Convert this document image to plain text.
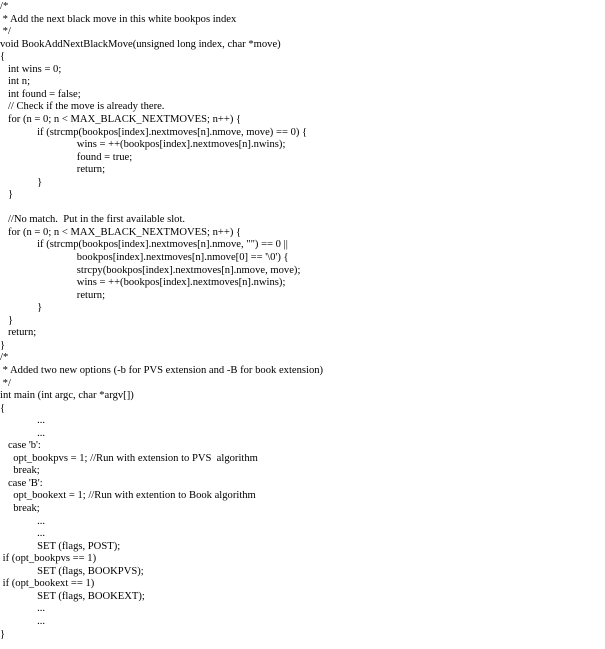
/*
* Add the next black move in this white bookpos index
*/
void BookAddNextBlackMove(unsigned long index, char *move)
{
int wins = 0;
int n;
int found = false;
// Check if the move is already there.
for (n = 0; n < MAX_BLACK_NEXTMOVES; n++) {
if (strcmp(bookpos[index].nextmoves[n].nmove, move) == 0) {
wins = ++(bookpos[index].nextmoves[n].nwins);
found = true;
return;
}
}
//No match.  Put in the first available slot.
for (n = 0; n < MAX_BLACK_NEXTMOVES; n++) {
if (strcmp(bookpos[index].nextmoves[n].nmove, "") == 0 ||
bookpos[index].nextmoves[n].nmove[0] == '\0') {
strcpy(bookpos[index].nextmoves[n].nmove, move);
wins = ++(bookpos[index].nextmoves[n].nwins);
return;
}
}
return;
}
/*
* Added two new options (-b for PVS extension and -B for book extension)
*/
int main (int argc, char *argv[])
{
...
...
case 'b':
opt_bookpvs = 1; //Run with extension to PVS  algorithm
break;
case 'B':
opt_bookext = 1; //Run with extention to Book algorithm
break;
...
...
SET (flags, POST);
if (opt_bookpvs == 1)
SET (flags, BOOKPVS);
if (opt_bookext == 1)
SET (flags, BOOKEXT);
...
...
}
